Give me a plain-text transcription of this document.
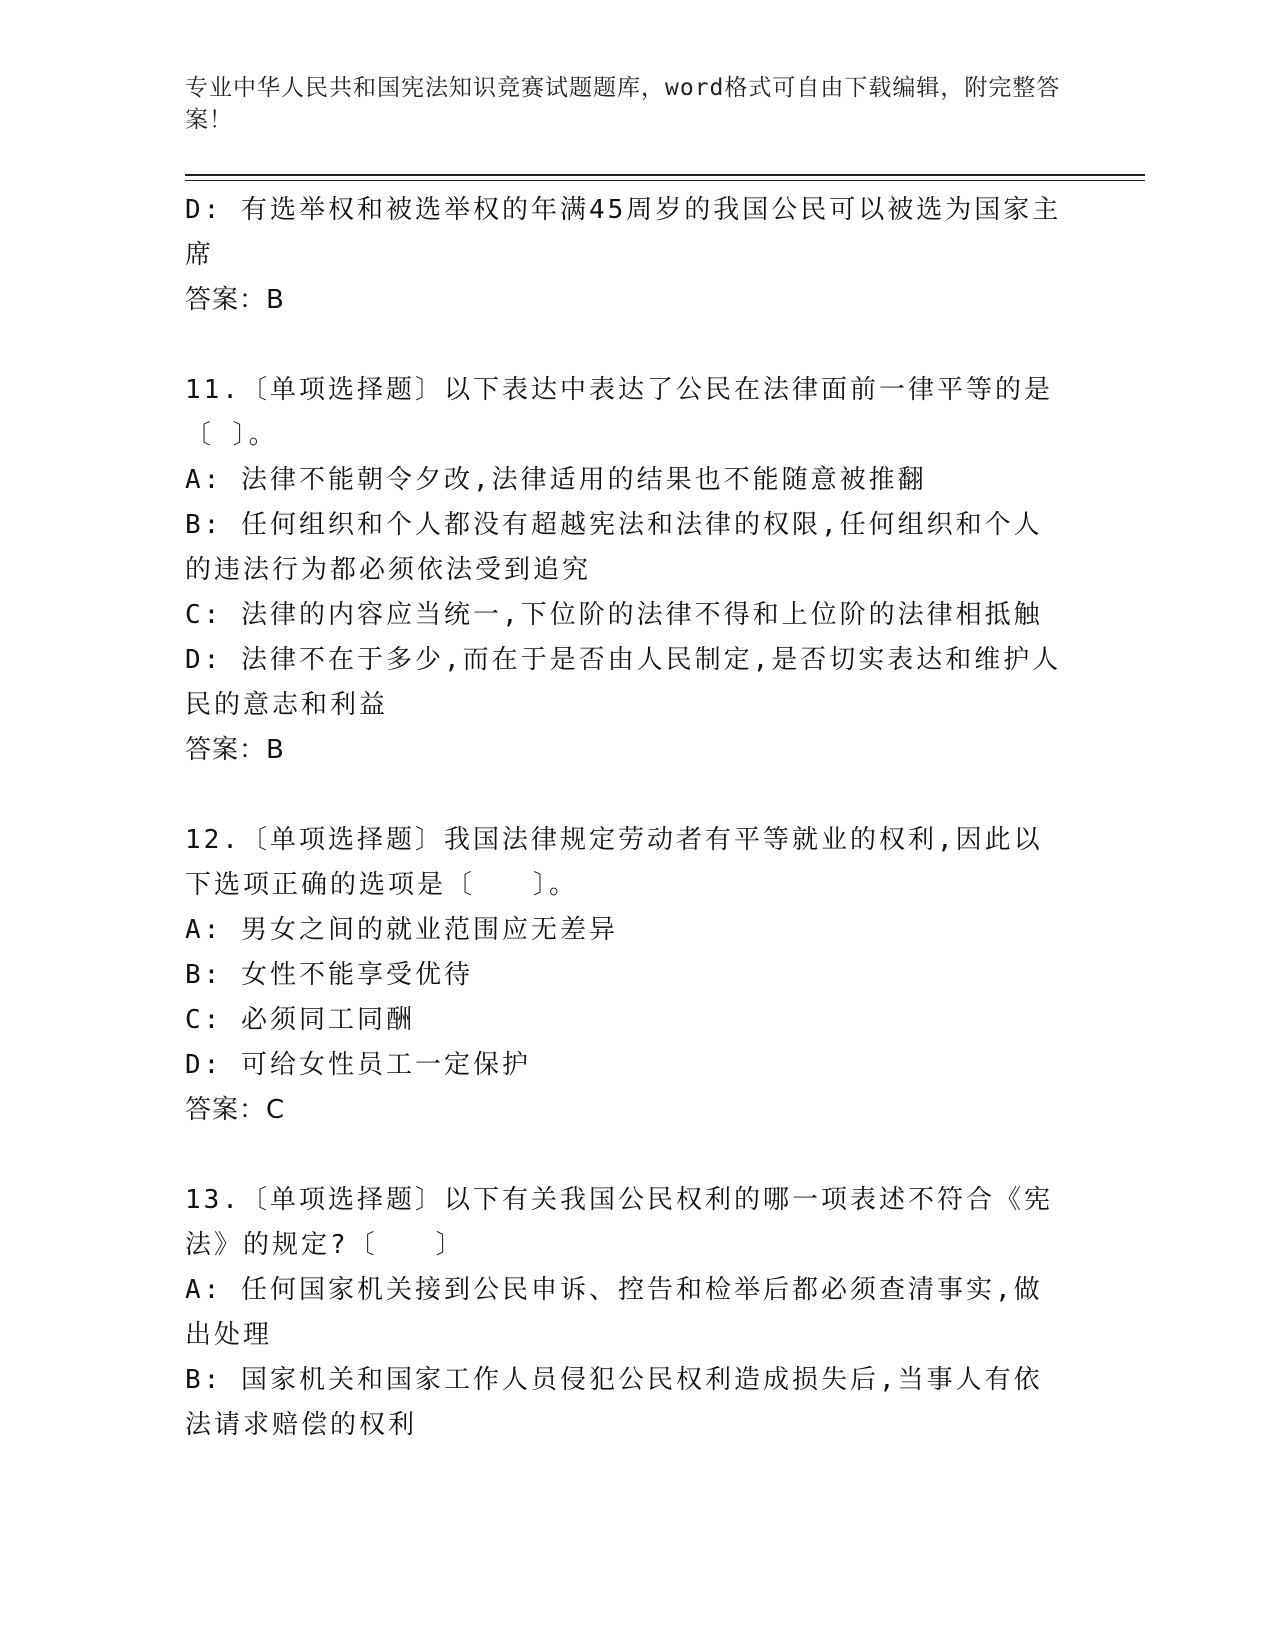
专业中华人民共和国宪法知识竞赛试题题库，word格式可自由下载编辑，附完整答案！

D: 有选举权和被选举权的年满45周岁的我国公民可以被选为国家主席

答案：B

11.〔单项选择题〕以下表达中表达了公民在法律面前一律平等的是〔 〕。

A: 法律不能朝令夕改,法律适用的结果也不能随意被推翻

B: 任何组织和个人都没有超越宪法和法律的权限,任何组织和个人的违法行为都必须依法受到追究

C: 法律的内容应当统一,下位阶的法律不得和上位阶的法律相抵触

D: 法律不在于多少,而在于是否由人民制定,是否切实表达和维护人民的意志和利益

答案：B

12.〔单项选择题〕我国法律规定劳动者有平等就业的权利,因此以下选项正确的选项是〔　　〕。

A: 男女之间的就业范围应无差异

B: 女性不能享受优待

C: 必须同工同酬

D: 可给女性员工一定保护

答案：C

13.〔单项选择题〕以下有关我国公民权利的哪一项表述不符合《宪法》的规定?〔　　〕

A: 任何国家机关接到公民申诉、控告和检举后都必须查清事实,做出处理

B: 国家机关和国家工作人员侵犯公民权利造成损失后,当事人有依法请求赔偿的权利
